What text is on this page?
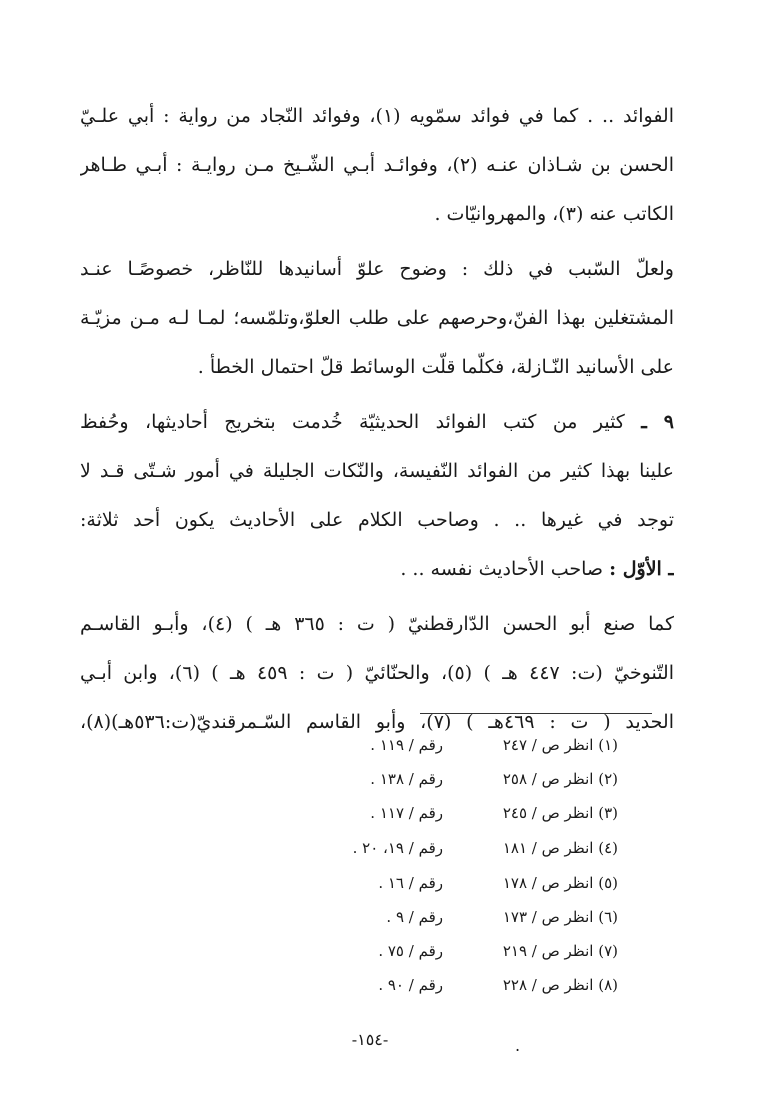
الفوائد .. . كما في فوائد سمّويه (١)، وفوائد النّجاد من رواية : أبي علـيّ
الحسن بن شـاذان عنـه (٢)، وفوائـد أبـي الشّـيخ مـن روايـة : أبـي طـاهر
الكاتب عنه (٣)، والمهروانيّات .
ولعلّ السّبب في ذلك : وضوح علوّ أسانيدها للنّاظر، خصوصًـا عنـد
المشتغلين بهذا الفنّ،وحرصهم على طلب العلوّ،وتلمّسه؛ لمـا لـه مـن مزيّـة
على الأسانيد النّـازلة، فكلّما قلّت الوسائط قلّ احتمال الخطأ .
٩ ـ كثير من كتب الفوائد الحديثيّة خُدمت بتخريج أحاديثها، وحُفظ
علينا بهذا كثير من الفوائد النّفيسة، والنّكات الجليلة في أمور شـتّى قـد لا
توجد في غيرها .. . وصاحب الكلام على الأحاديث يكون أحد ثلاثة:
ـ الأوّل : صاحب الأحاديث نفسه .. .
كما صنع أبو الحسن الدّارقطنيّ ( ت : ٣٦٥ هـ ) (٤)، وأبـو القاسـم
التّنوخيّ (ت: ٤٤٧ هـ ) (٥)، والحنّائيّ ( ت : ٤٥٩ هـ ) (٦)، وابن أبـي
الحديد ( ت : ٤٦٩هـ ) (٧)، وأبو القاسم السّـمرقنديّ(ت:٥٣٦هـ)(٨)،
(١) انظر ص / ٢٤٧
رقم / ١١٩ .
(٢) انظر ص / ٢٥٨
رقم / ١٣٨ .
(٣) انظر ص / ٢٤٥
رقم / ١١٧ .
(٤) انظر ص / ١٨١
رقم / ١٩، ٢٠ .
(٥) انظر ص / ١٧٨
رقم / ١٦ .
(٦) انظر ص / ١٧٣
رقم / ٩ .
(٧) انظر ص / ٢١٩
رقم / ٧٥ .
(٨) انظر ص / ٢٢٨
رقم / ٩٠ .
-١٥٤-	.
